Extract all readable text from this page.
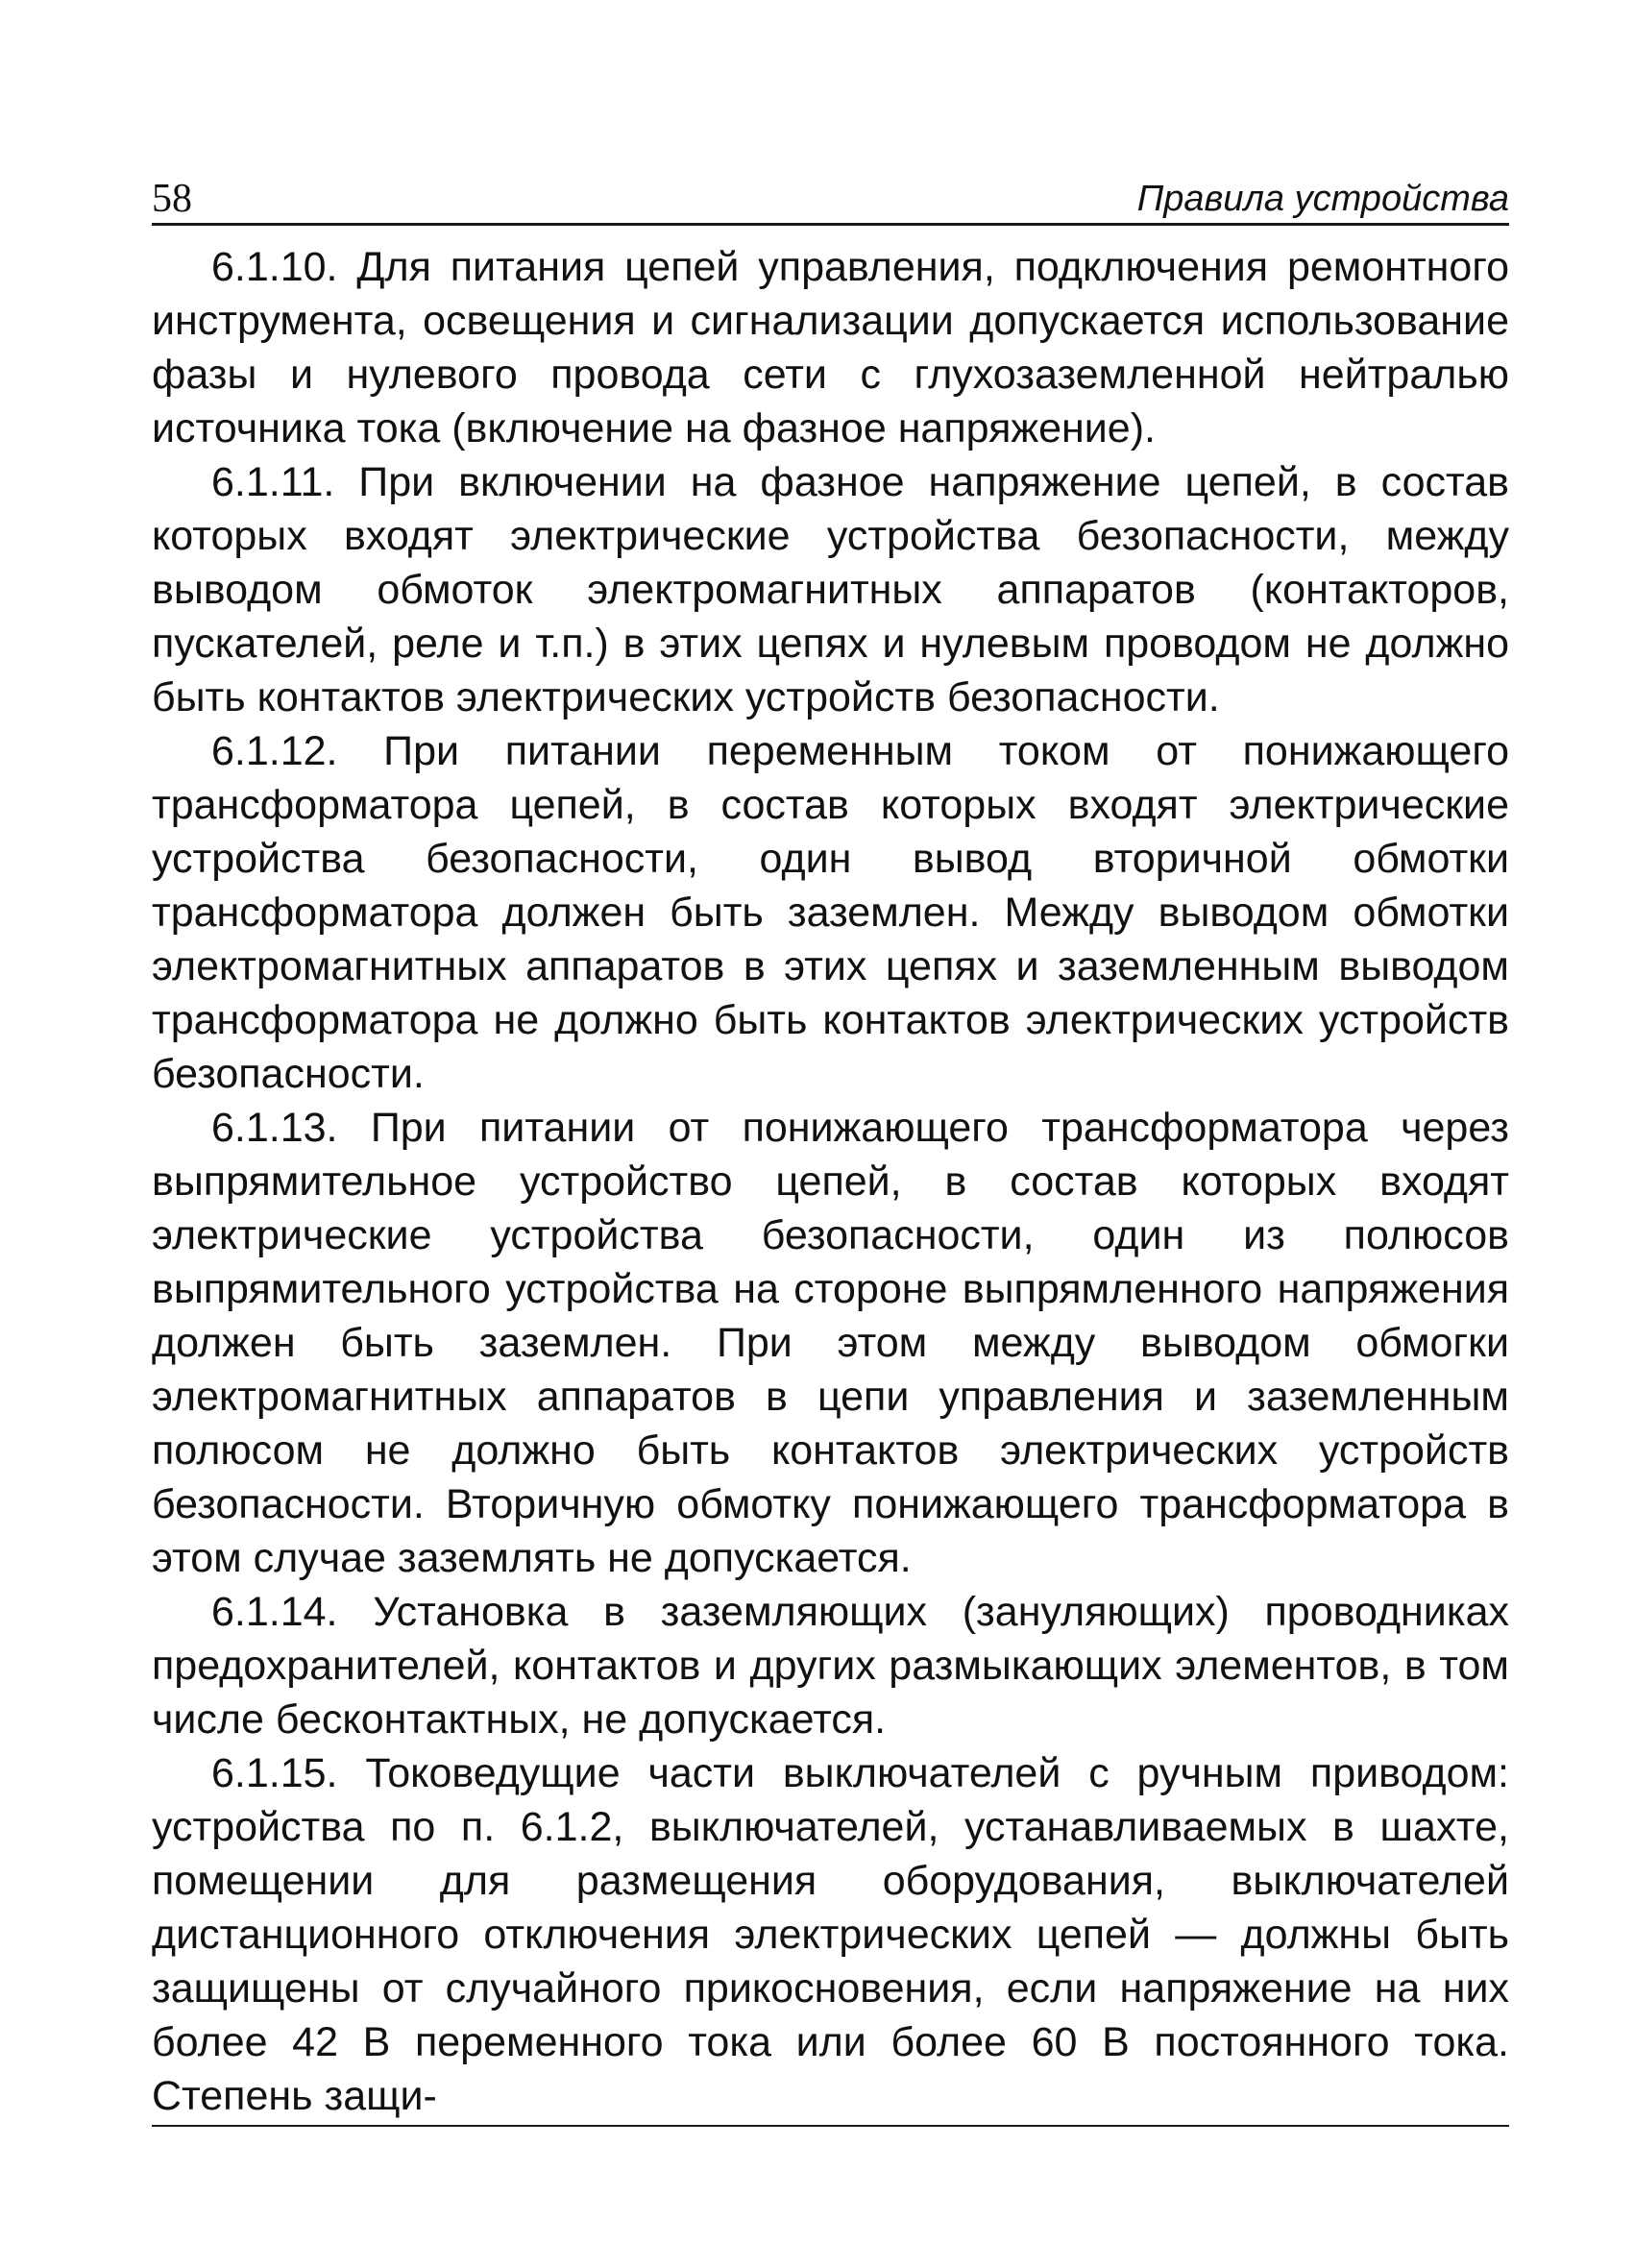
58	Правила устройства

6.1.10. Для питания цепей управления, подключения ремонтного инструмента, освещения и сигнализации допускается использование фазы и нулевого провода сети с глухозаземленной нейтралью источника тока (включение на фазное напряжение).

6.1.11. При включении на фазное напряжение цепей, в состав которых входят электрические устройства безопасности, между выводом обмоток электромагнитных аппаратов (контакторов, пускателей, реле и т.п.) в этих цепях и нулевым проводом не должно быть контактов электрических устройств безопасности.

6.1.12. При питании переменным током от понижающего трансформатора цепей, в состав которых входят электрические устройства безопасности, один вывод вторичной обмотки трансформатора должен быть заземлен. Между выводом обмотки электромагнитных аппаратов в этих цепях и заземленным выводом трансформатора не должно быть контактов электрических устройств безопасности.

6.1.13. При питании от понижающего трансформатора через выпрямительное устройство цепей, в состав которых входят электрические устройства безопасности, один из полюсов выпрямительного устройства на стороне выпрямленного напряжения должен быть заземлен. При этом между выводом обмогки электромагнитных аппаратов в цепи управления и заземленным полюсом не должно быть контактов электрических устройств безопасности. Вторичную обмотку понижающего трансформатора в этом случае заземлять не допускается.

6.1.14. Установка в заземляющих (зануляющих) проводниках предохранителей, контактов и других размыкающих элементов, в том числе бесконтактных, не допускается.

6.1.15. Токоведущие части выключателей с ручным приводом: устройства по п. 6.1.2, выключателей, устанавливаемых в шахте, помещении для размещения оборудования, выключателей дистанционного отключения электрических цепей — должны быть защищены от случайного прикосновения, если напряжение на них более 42 В переменного тока или более 60 В постоянного тока. Степень защи-
